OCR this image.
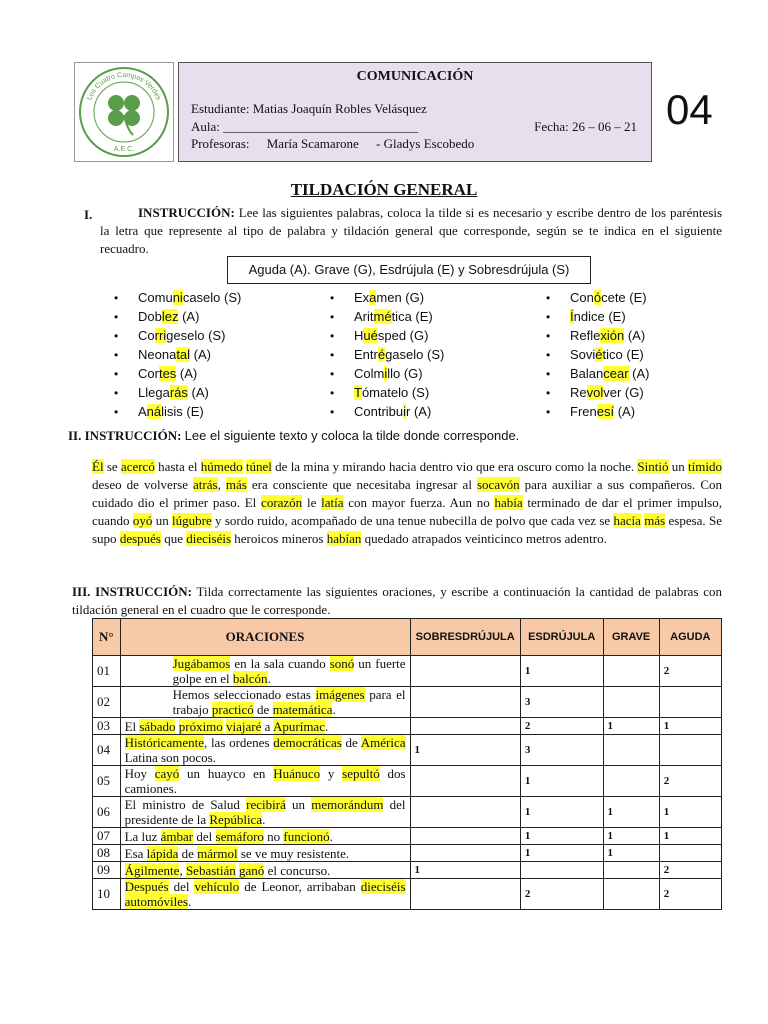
A.E.C.
Los Cuatro Campos Verdes
COMUNICACIÓN
Estudiante: Matias Joaquín Robles Velásquez
Aula: ______________________________	Fecha: 26 – 06 – 21
Profesoras: María Scamarone - Gladys Escobedo
04
TILDACIÓN GENERAL
I.	INSTRUCCIÓN: Lee las siguientes palabras, coloca la tilde si es necesario y escribe dentro de los paréntesis la letra que represente al tipo de palabra y tildación general que corresponde, según se te indica en el siguiente recuadro.
Aguda (A). Grave (G), Esdrújula (E) y Sobresdrújula (S)
• Comunicaselo (S)
• Doblez (A)
• Corrigeselo (S)
• Neonatal (A)
• Cortes (A)
• Llegarás (A)
• Análisis (E)
• Examen (G)
• Aritmética (E)
• Huésped (G)
• Entrégaselo (S)
• Colmillo (G)
• Tómatelo (S)
• Contribuir (A)
• Conócete (E)
• Índice (E)
• Reflexión (A)
• Soviético (E)
• Balancear (A)
• Revolver (G)
• Frenesí (A)
II. INSTRUCCIÓN: Lee el siguiente texto y coloca la tilde donde corresponde.
Él se acercó hasta el húmedo túnel de la mina y mirando hacia dentro vio que era oscuro como la noche. Sintió un tímido deseo de volverse atrás, más era consciente que necesitaba ingresar al socavón para auxiliar a sus compañeros. Con cuidado dio el primer paso. El corazón le latía con mayor fuerza. Aun no había terminado de dar el primer impulso, cuando oyó un lúgubre y sordo ruido, acompañado de una tenue nubecilla de polvo que cada vez se hacía más espesa. Se supo después que dieciséis heroicos mineros habían quedado atrapados veinticinco metros adentro.
III. INSTRUCCIÓN: Tilda correctamente las siguientes oraciones, y escribe a continuación la cantidad de palabras con tildación general en el cuadro que le corresponde.
N°	ORACIONES	SOBRESDRÚJULA	ESDRÚJULA	GRAVE	AGUDA
01	Jugábamos en la sala cuando sonó un fuerte golpe en el balcón.		1		2
02	Hemos seleccionado estas imágenes para el trabajo practicó de matemática.		3		
03	El sábado próximo viajaré a Apurímac.		2	1	1
04	Históricamente, las ordenes democráticas de América Latina son pocos.	1	3		
05	Hoy cayó un huayco en Huánuco y sepultó dos camiones.		1		2
06	El ministro de Salud recibirá un memorándum del presidente de la República.		1	1	1
07	La luz ámbar del semáforo no funcionó.		1	1	1
08	Esa lápida de mármol se ve muy resistente.		1	1	
09	Ágilmente, Sebastián ganó el concurso.	1			2
10	Después del vehículo de Leonor, arribaban dieciséis automóviles.		2		2
